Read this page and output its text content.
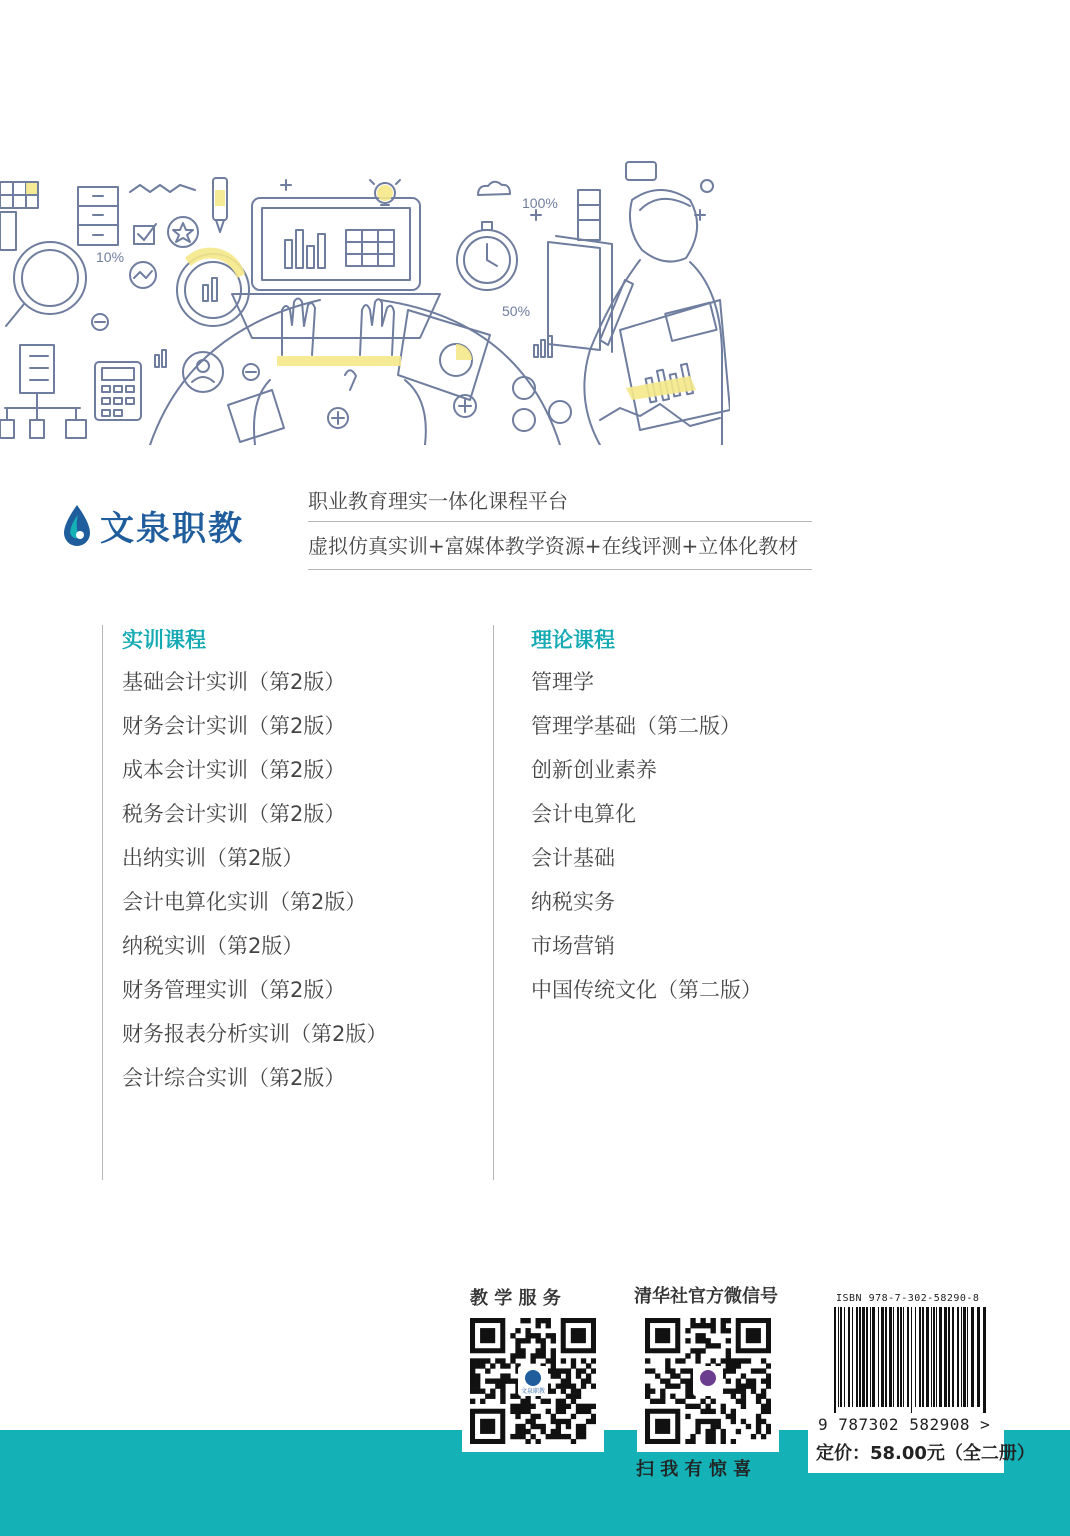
10%
100%
50%
文泉职教
职业教育理实一体化课程平台
虚拟仿真实训+富媒体教学资源+在线评测+立体化教材
实训课程
基础会计实训（第2版）
财务会计实训（第2版）
成本会计实训（第2版）
税务会计实训（第2版）
出纳实训（第2版）
会计电算化实训（第2版）
纳税实训（第2版）
财务管理实训（第2版）
财务报表分析实训（第2版）
会计综合实训（第2版）
理论课程
管理学
管理学基础（第二版）
创新创业素养
会计电算化
会计基础
纳税实务
市场营销
中国传统文化（第二版）
教 学 服 务
文泉职教
清华社官方微信号
扫 我 有 惊 喜
ISBN 978-7-302-58290-8
9 787302 582908 >
定价：58.00元（全二册）
